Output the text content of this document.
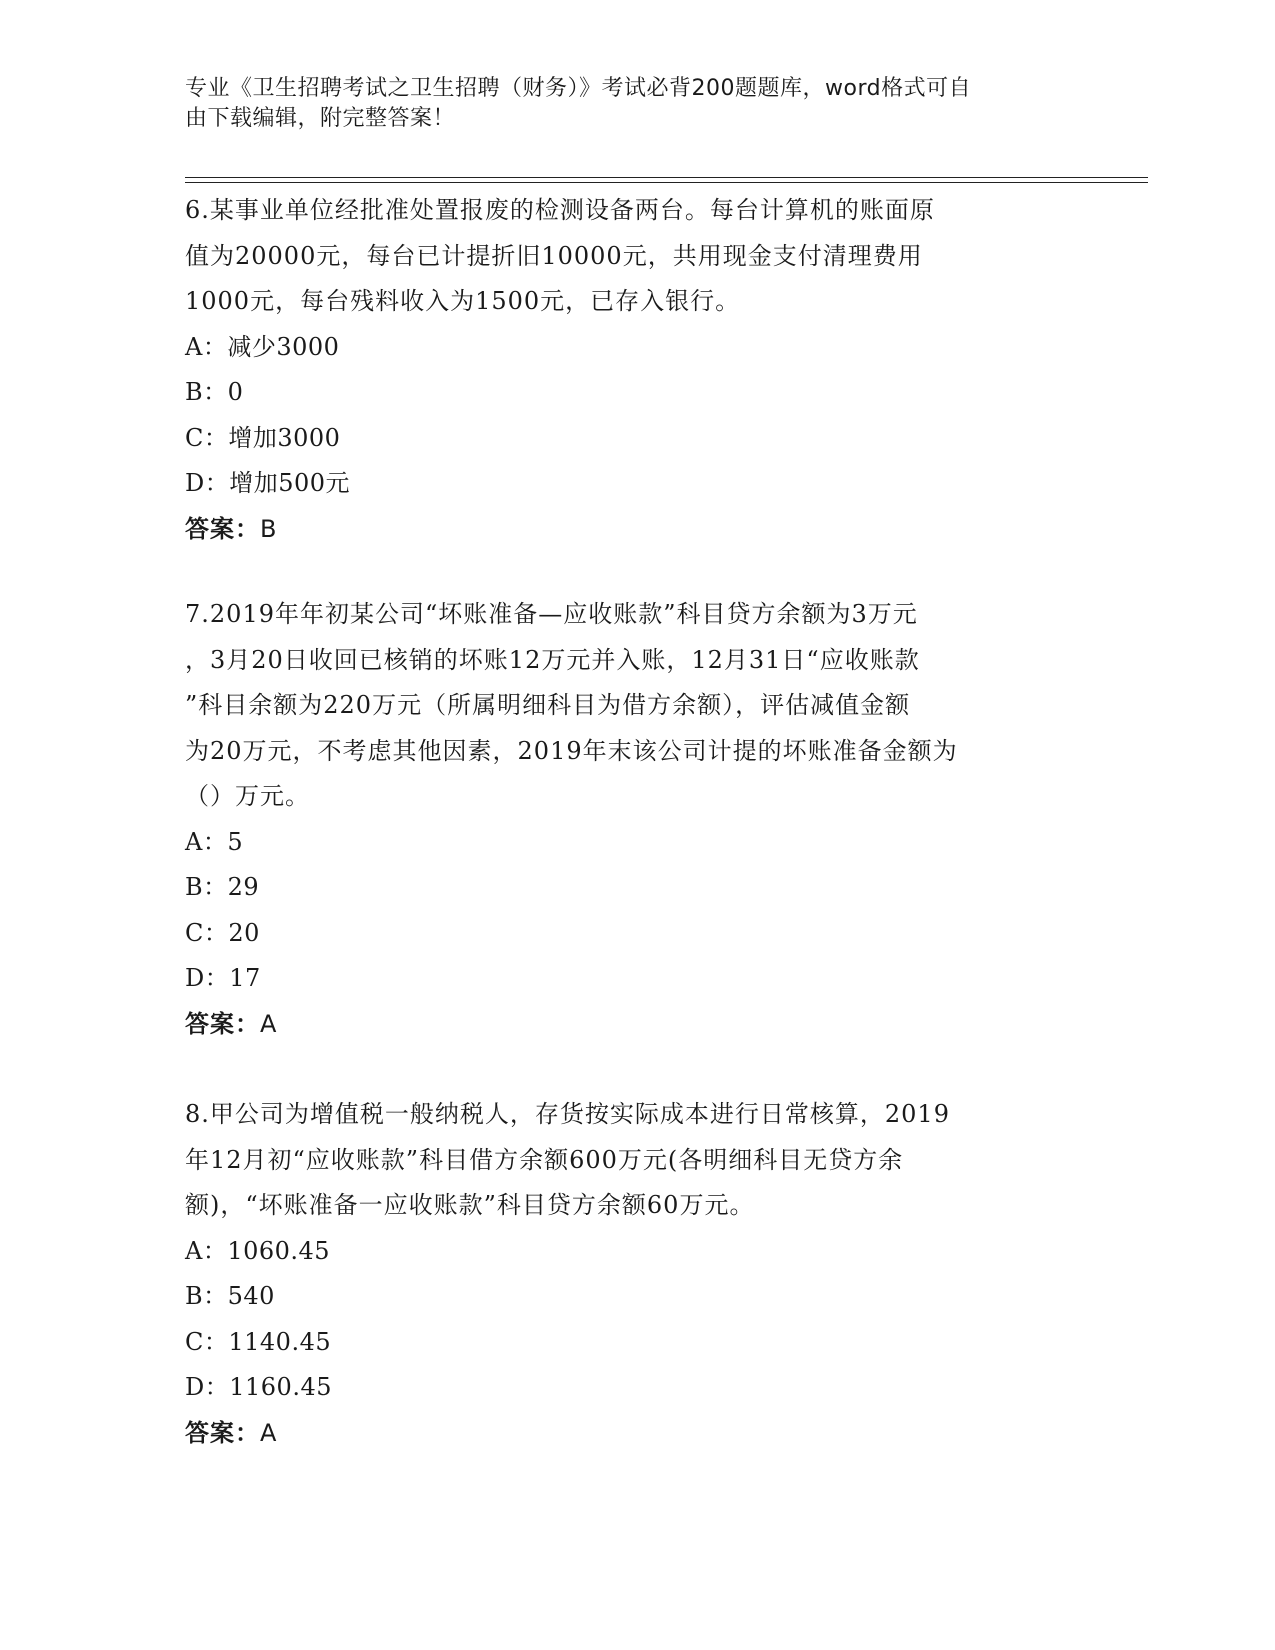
专业《卫生招聘考试之卫生招聘（财务）》考试必背200题题库，word格式可自
由下载编辑，附完整答案！

6.某事业单位经批准处置报废的检测设备两台。每台计算机的账面原
值为20000元，每台已计提折旧10000元，共用现金支付清理费用
1000元，每台残料收入为1500元，已存入银行。

A：减少3000

B：0

C：增加3000

D：增加500元

答案：B

7.2019年年初某公司“坏账准备—应收账款”科目贷方余额为3万元
，3月20日收回已核销的坏账12万元并入账，12月31日“应收账款
”科目余额为220万元（所属明细科目为借方余额），评估减值金额
为20万元，不考虑其他因素，2019年末该公司计提的坏账准备金额为
（）万元。

A：5

B：29

C：20

D：17

答案：A

8.甲公司为增值税一般纳税人，存货按实际成本进行日常核算，2019
年12月初“应收账款”科目借方余额600万元(各明细科目无贷方余
额)，“坏账准备一应收账款”科目贷方余额60万元。

A：1060.45

B：540

C：1140.45

D：1160.45

答案：A
